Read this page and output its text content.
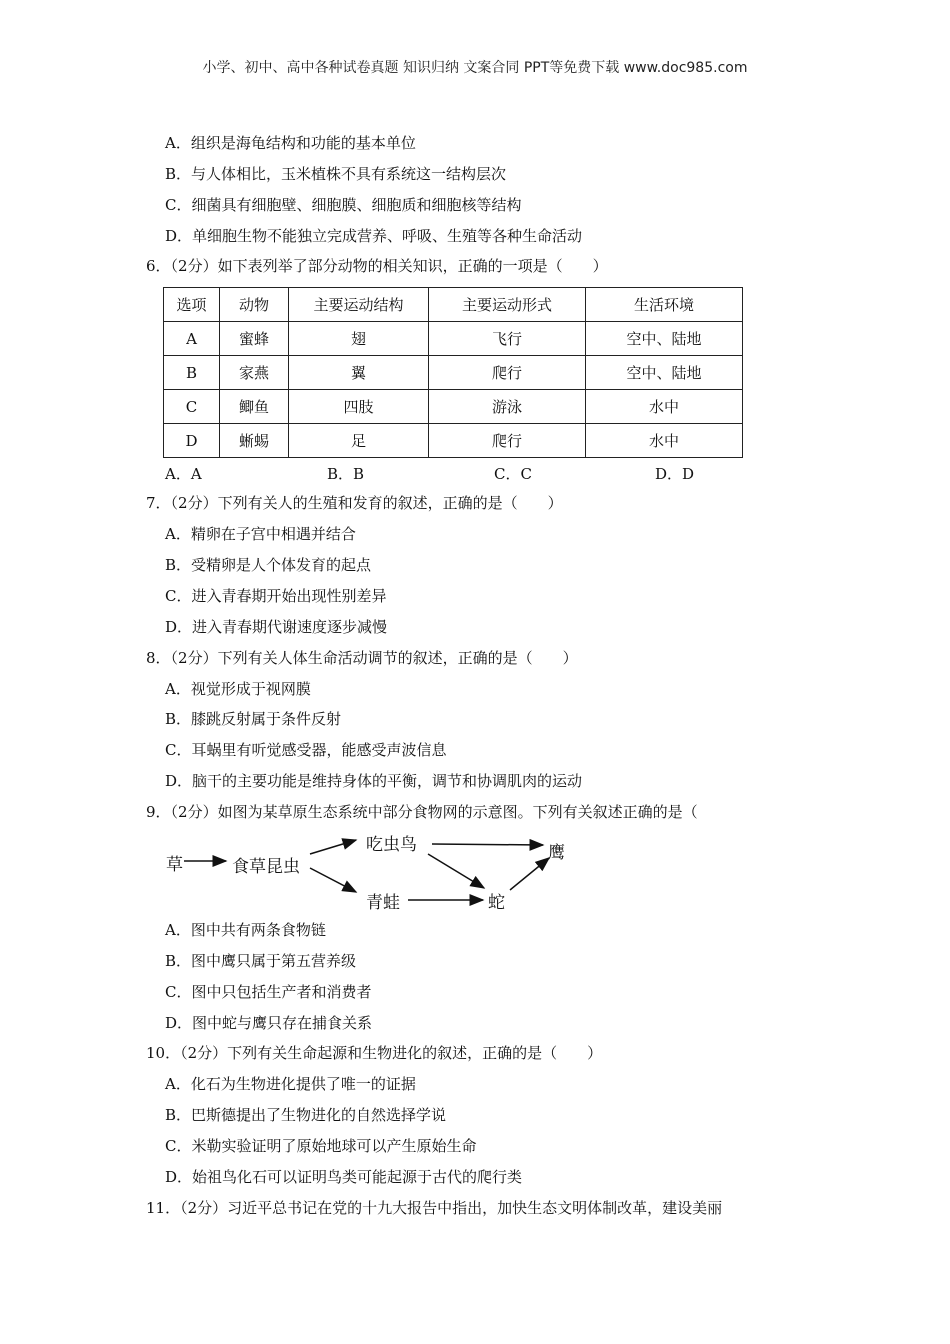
小学、初中、高中各种试卷真题 知识归纳 文案合同 PPT等免费下载 www.doc985.com
A．组织是海龟结构和功能的基本单位
B．与人体相比，玉米植株不具有系统这一结构层次
C．细菌具有细胞壁、细胞膜、细胞质和细胞核等结构
D．单细胞生物不能独立完成营养、呼吸、生殖等各种生命活动
6．（2分）如下表列举了部分动物的相关知识，正确的一项是（　　）
选项	动物	主要运动结构	主要运动形式	生活环境
A	蜜蜂	翅	飞行	空中、陆地
B	家燕	翼	爬行	空中、陆地
C	鲫鱼	四肢	游泳	水中
D	蜥蜴	足	爬行	水中
A．A	B．B	C．C	D．D
7．（2分）下列有关人的生殖和发育的叙述，正确的是（　　）
A．精卵在子宫中相遇并结合
B．受精卵是人个体发育的起点
C．进入青春期开始出现性别差异
D．进入青春期代谢速度逐步减慢
8．（2分）下列有关人体生命活动调节的叙述，正确的是（　　）
A．视觉形成于视网膜
B．膝跳反射属于条件反射
C．耳蜗里有听觉感受器，能感受声波信息
D．脑干的主要功能是维持身体的平衡，调节和协调肌肉的运动
9．（2分）如图为某草原生态系统中部分食物网的示意图。下列有关叙述正确的是（
草	食草昆虫
吃虫鸟
青蛙	蛇
鹰
A．图中共有两条食物链
B．图中鹰只属于第五营养级
C．图中只包括生产者和消费者
D．图中蛇与鹰只存在捕食关系
10．（2分）下列有关生命起源和生物进化的叙述，正确的是（　　）
A．化石为生物进化提供了唯一的证据
B．巴斯德提出了生物进化的自然选择学说
C．米勒实验证明了原始地球可以产生原始生命
D．始祖鸟化石可以证明鸟类可能起源于古代的爬行类
11．（2分）习近平总书记在党的十九大报告中指出，加快生态文明体制改革，建设美丽
